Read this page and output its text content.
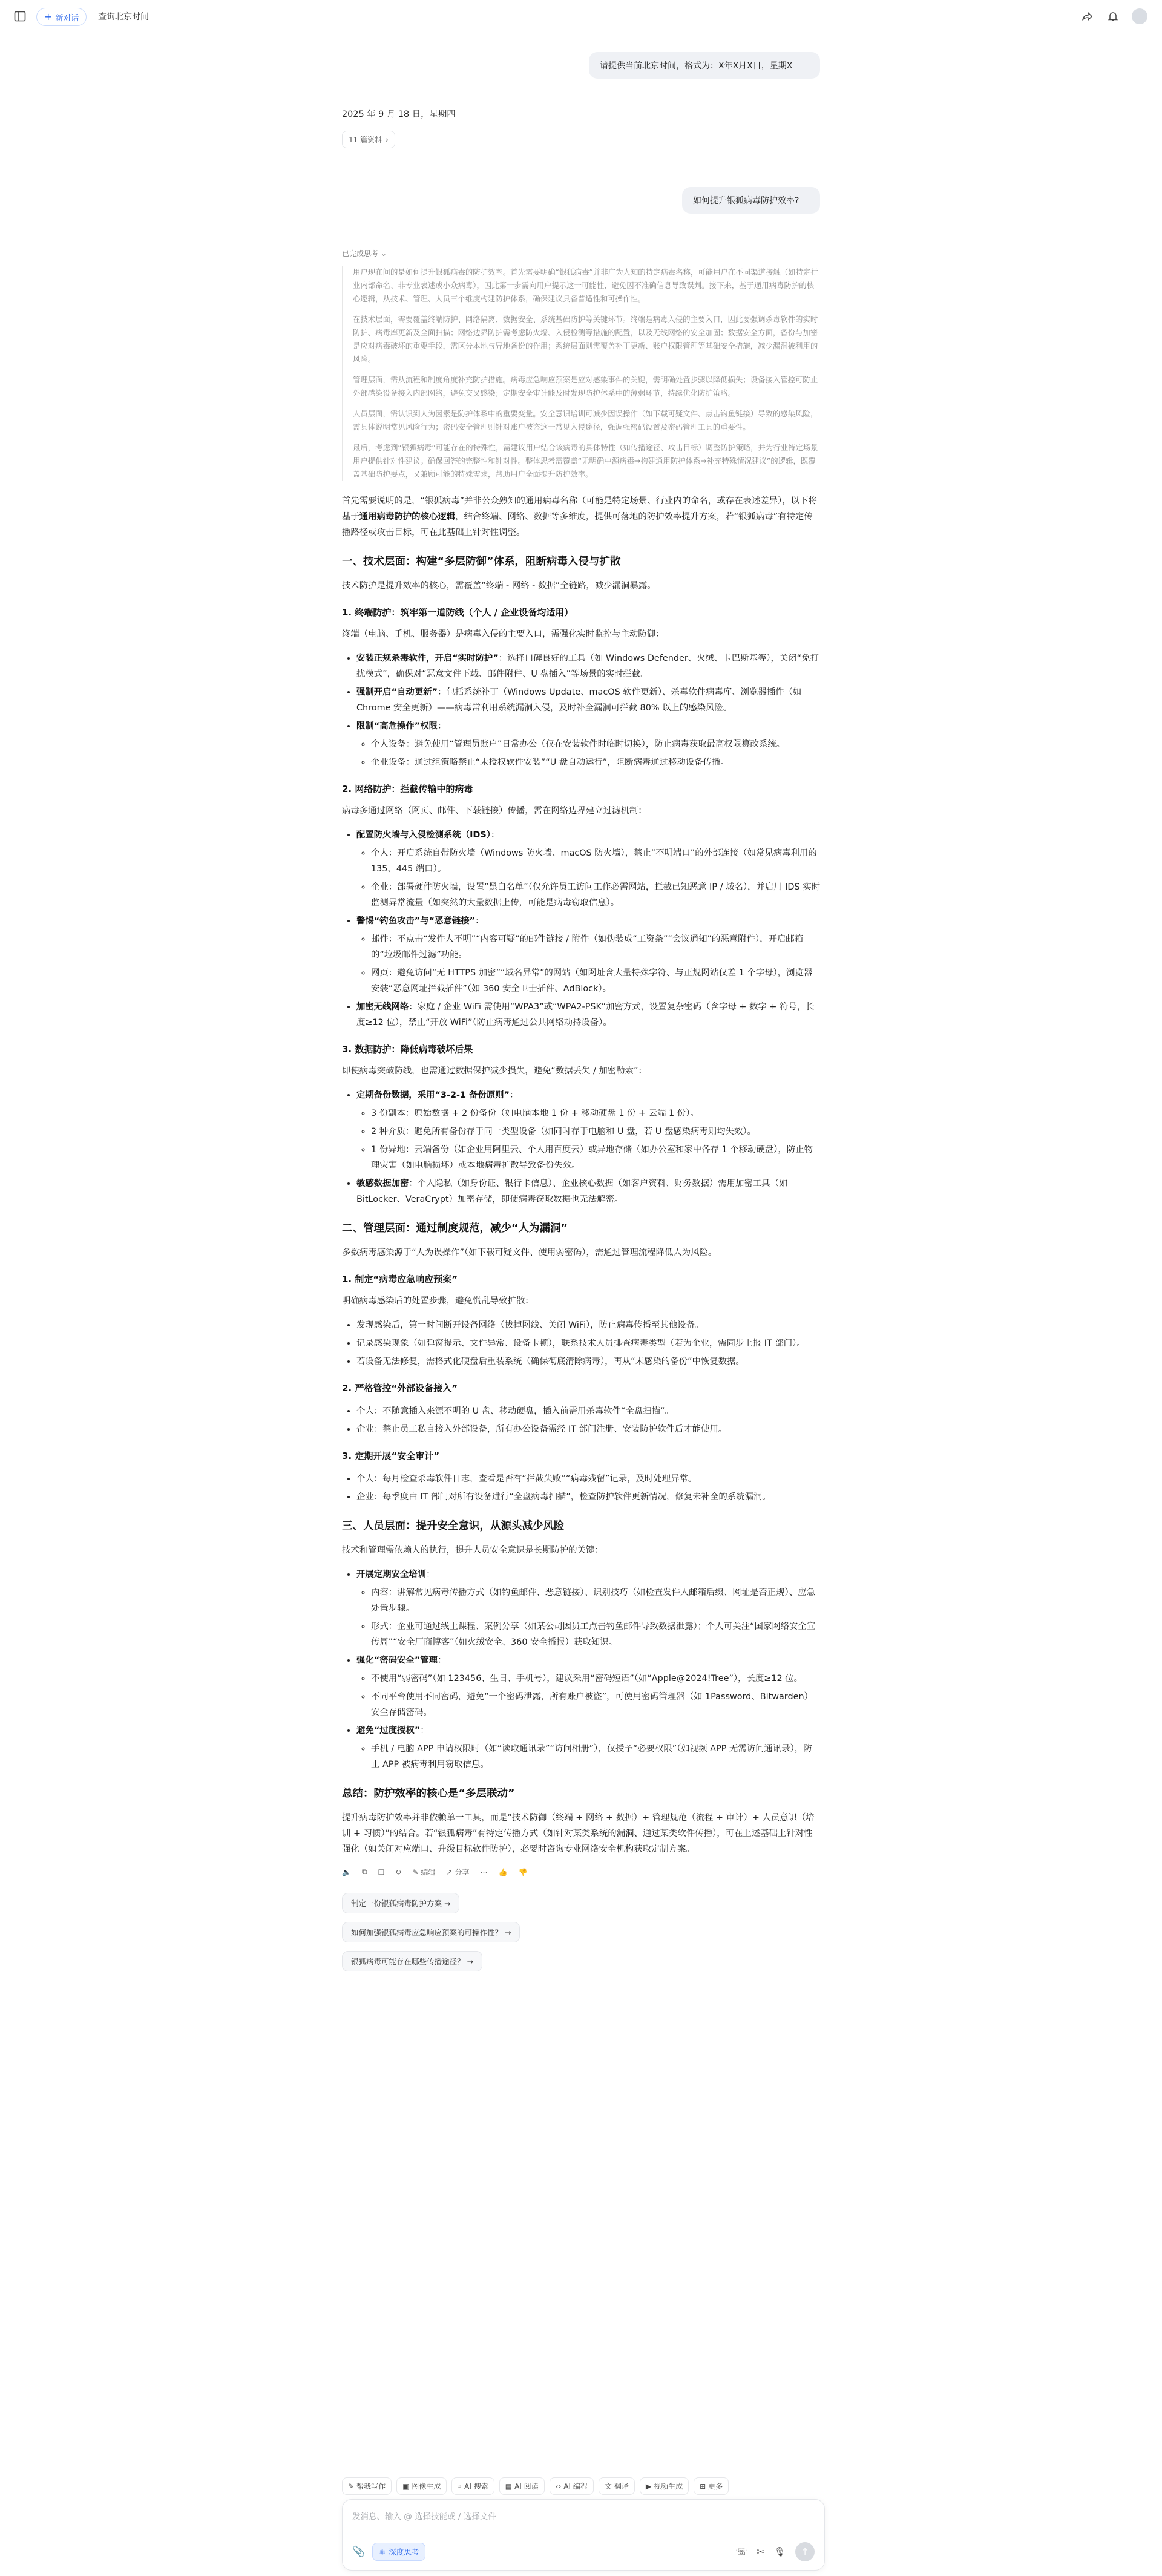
+ 新对话 查询北京时间
请提供当前北京时间，格式为：X年X月X日，星期X
2025 年 9 月 18 日，星期四
11 篇资料 ›
如何提升银狐病毒防护效率?
已完成思考 ⌄

用户现在问的是如何提升银狐病毒的防护效率。首先需要明确“银狐病毒”并非广为人知的特定病毒名称，可能用户在不同渠道接触（如特定行业内部命名、非专业表述或小众病毒），因此第一步需向用户提示这一可能性，避免因不准确信息导致误判。接下来，基于通用病毒防护的核心逻辑，从技术、管理、人员三个维度构建防护体系，确保建议具备普适性和可操作性。

在技术层面，需要覆盖终端防护、网络隔离、数据安全、系统基础防护等关键环节。终端是病毒入侵的主要入口，因此要强调杀毒软件的实时防护、病毒库更新及全面扫描；网络边界防护需考虑防火墙、入侵检测等措施的配置，以及无线网络的安全加固；数据安全方面，备份与加密是应对病毒破坏的重要手段，需区分本地与异地备份的作用；系统层面则需覆盖补丁更新、账户权限管理等基础安全措施，减少漏洞被利用的风险。

管理层面，需从流程和制度角度补充防护措施。病毒应急响应预案是应对感染事件的关键，需明确处置步骤以降低损失；设备接入管控可防止外部感染设备接入内部网络，避免交叉感染；定期安全审计能及时发现防护体系中的薄弱环节，持续优化防护策略。

人员层面，需认识到人为因素是防护体系中的重要变量。安全意识培训可减少因误操作（如下载可疑文件、点击钓鱼链接）导致的感染风险，需具体说明常见风险行为；密码安全管理则针对账户被盗这一常见入侵途径，强调强密码设置及密码管理工具的重要性。

最后，考虑到“银狐病毒”可能存在的特殊性，需建议用户结合该病毒的具体特性（如传播途径、攻击目标）调整防护策略，并为行业特定场景用户提供针对性建议。确保回答的完整性和针对性。整体思考需覆盖“无明确中源病毒→构建通用防护体系→补充特殊情况建议”的逻辑，既覆盖基础防护要点，又兼顾可能的特殊需求，帮助用户全面提升防护效率。

首先需要说明的是，“银狐病毒”并非公众熟知的通用病毒名称（可能是特定场景、行业内的命名，或存在表述差异），以下将基于通用病毒防护的核心逻辑，结合终端、网络、数据等多维度，提供可落地的防护效率提升方案，若“银狐病毒”有特定传播路径或攻击目标，可在此基础上针对性调整。

一、技术层面：构建“多层防御”体系，阻断病毒入侵与扩散

技术防护是提升效率的核心，需覆盖“终端 - 网络 - 数据”全链路，减少漏洞暴露。

1. 终端防护：筑牢第一道防线（个人 / 企业设备均适用）

终端（电脑、手机、服务器）是病毒入侵的主要入口，需强化实时监控与主动防御：

• 安装正规杀毒软件，开启“实时防护”：选择口碑良好的工具（如 Windows Defender、火绒、卡巴斯基等），关闭“免打扰模式”，确保对“恶意文件下载、邮件附件、U 盘插入”等场景的实时拦截。
• 强制开启“自动更新”：包括系统补丁（Windows Update、macOS 软件更新）、杀毒软件病毒库、浏览器插件（如 Chrome 安全更新）——病毒常利用系统漏洞入侵，及时补全漏洞可拦截 80% 以上的感染风险。
• 限制“高危操作”权限：
◦ 个人设备：避免使用“管理员账户”日常办公（仅在安装软件时临时切换），防止病毒获取最高权限篡改系统。
◦ 企业设备：通过组策略禁止“未授权软件安装”“U 盘自动运行”，阻断病毒通过移动设备传播。
2. 网络防护：拦截传输中的病毒

病毒多通过网络（网页、邮件、下载链接）传播，需在网络边界建立过滤机制：

• 配置防火墙与入侵检测系统（IDS）：
◦ 个人：开启系统自带防火墙（Windows 防火墙、macOS 防火墙），禁止“不明端口”的外部连接（如常见病毒利用的 135、445 端口）。
◦ 企业：部署硬件防火墙，设置“黑白名单”（仅允许员工访问工作必需网站，拦截已知恶意 IP / 域名），并启用 IDS 实时监测异常流量（如突然的大量数据上传，可能是病毒窃取信息）。
• 警惕“钓鱼攻击”与“恶意链接”：
◦ 邮件：不点击“发件人不明”“内容可疑”的邮件链接 / 附件（如伪装成“工资条”“会议通知”的恶意附件），开启邮箱的“垃圾邮件过滤”功能。
◦ 网页：避免访问“无 HTTPS 加密”“域名异常”的网站（如网址含大量特殊字符、与正规网站仅差 1 个字母），浏览器安装“恶意网址拦截插件”（如 360 安全卫士插件、AdBlock）。
• 加密无线网络：家庭 / 企业 WiFi 需使用“WPA3”或“WPA2-PSK”加密方式，设置复杂密码（含字母 + 数字 + 符号，长度≥12 位），禁止“开放 WiFi”（防止病毒通过公共网络劫持设备）。
3. 数据防护：降低病毒破坏后果

即使病毒突破防线，也需通过数据保护减少损失，避免“数据丢失 / 加密勒索”：

• 定期备份数据，采用“3-2-1 备份原则”：
◦ 3 份副本：原始数据 + 2 份备份（如电脑本地 1 份 + 移动硬盘 1 份 + 云端 1 份）。
◦ 2 种介质：避免所有备份存于同一类型设备（如同时存于电脑和 U 盘，若 U 盘感染病毒则均失效）。
◦ 1 份异地：云端备份（如企业用阿里云、个人用百度云）或异地存储（如办公室和家中各存 1 个移动硬盘），防止物理灾害（如电脑损坏）或本地病毒扩散导致备份失效。
• 敏感数据加密：个人隐私（如身份证、银行卡信息）、企业核心数据（如客户资料、财务数据）需用加密工具（如 BitLocker、VeraCrypt）加密存储，即使病毒窃取数据也无法解密。
二、管理层面：通过制度规范，减少“人为漏洞”

多数病毒感染源于“人为误操作”（如下载可疑文件、使用弱密码），需通过管理流程降低人为风险。

1. 制定“病毒应急响应预案”

明确病毒感染后的处置步骤，避免慌乱导致扩散：

• 发现感染后，第一时间断开设备网络（拔掉网线、关闭 WiFi），防止病毒传播至其他设备。
• 记录感染现象（如弹窗提示、文件异常、设备卡顿），联系技术人员排查病毒类型（若为企业，需同步上报 IT 部门）。
• 若设备无法修复，需格式化硬盘后重装系统（确保彻底清除病毒），再从“未感染的备份”中恢复数据。
2. 严格管控“外部设备接入”
• 个人：不随意插入来源不明的 U 盘、移动硬盘，插入前需用杀毒软件“全盘扫描”。
• 企业：禁止员工私自接入外部设备，所有办公设备需经 IT 部门注册、安装防护软件后才能使用。
3. 定期开展“安全审计”
• 个人：每月检查杀毒软件日志，查看是否有“拦截失败”“病毒残留”记录，及时处理异常。
• 企业：每季度由 IT 部门对所有设备进行“全盘病毒扫描”，检查防护软件更新情况，修复未补全的系统漏洞。
三、人员层面：提升安全意识，从源头减少风险

技术和管理需依赖人的执行，提升人员安全意识是长期防护的关键：

• 开展定期安全培训：
◦ 内容：讲解常见病毒传播方式（如钓鱼邮件、恶意链接）、识别技巧（如检查发件人邮箱后缀、网址是否正规）、应急处置步骤。
◦ 形式：企业可通过线上课程、案例分享（如某公司因员工点击钓鱼邮件导致数据泄露）；个人可关注“国家网络安全宣传周”“安全厂商博客”（如火绒安全、360 安全播报）获取知识。
• 强化“密码安全”管理：
◦ 不使用“弱密码”（如 123456、生日、手机号），建议采用“密码短语”（如“Apple@2024!Tree”），长度≥12 位。
◦ 不同平台使用不同密码，避免“一个密码泄露，所有账户被盗”，可使用密码管理器（如 1Password、Bitwarden）安全存储密码。
• 避免“过度授权”：
◦ 手机 / 电脑 APP 申请权限时（如“读取通讯录”“访问相册”），仅授予“必要权限”（如视频 APP 无需访问通讯录），防止 APP 被病毒利用窃取信息。
总结：防护效率的核心是“多层联动”

提升病毒防护效率并非依赖单一工具，而是“技术防御（终端 + 网络 + 数据）+ 管理规范（流程 + 审计）+ 人员意识（培训 + 习惯）”的结合。若“银狐病毒”有特定传播方式（如针对某类系统的漏洞、通过某类软件传播），可在上述基础上针对性强化（如关闭对应端口、升级目标软件防护），必要时咨询专业网络安全机构获取定制方案。

🔈 ⧉ ☐ ↻ ✎ 编辑 ↗ 分享 ⋯ 👍 👎
制定一份银狐病毒防护方案 →
如何加强银狐病毒应急响应预案的可操作性？ →
银狐病毒可能存在哪些传播途径？ →
✎ 帮我写作 ▣ 图像生成 ⌕ AI 搜索 ▤ AI 阅读 ‹› AI 编程 文 翻译 ▶ 视频生成 ⊞ 更多
发消息、输入 @ 选择技能或 / 选择文件
📎 ⚛ 深度思考	☏ ✂ 🎙 ↑
